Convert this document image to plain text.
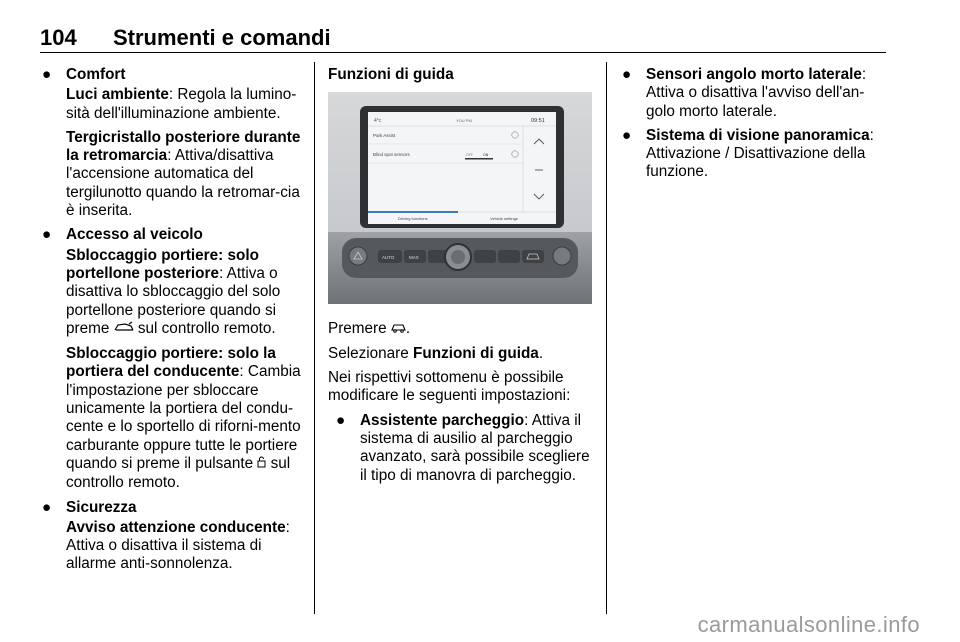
104 Strumenti e comandi
● Comfort
Luci ambiente: Regola la lumino-sità dell'illuminazione ambiente.
Tergicristallo posteriore durante la retromarcia: Attiva/disattiva l'accensione automatica del tergilunotto quando la retromar-cia è inserita.
● Accesso al veicolo
Sbloccaggio portiere: solo portellone posteriore: Attiva o disattiva lo sbloccaggio del solo portellone posteriore quando si preme  sul controllo remoto.
Sbloccaggio portiere: solo la portiera del conducente: Cambia l'impostazione per sbloccare unicamente la portiera del condu-cente e lo sportello di riforni-mento carburante oppure tutte le portiere quando si preme il pulsante  sul controllo remoto.
● Sicurezza
Avviso attenzione conducente: Attiva o disattiva il sistema di allarme anti-sonnolenza.
Funzioni di guida
4°c	YOU PM	09:51
Park Assist
Blind spot sensors	OFF	ON
Driving functions	Vehicle settings
AUTO	MAX
Premere .
Selezionare Funzioni di guida.
Nei rispettivi sottomenu è possibile modificare le seguenti impostazioni:
● Assistente parcheggio: Attiva il sistema di ausilio al parcheggio avanzato, sarà possibile scegliere il tipo di manovra di parcheggio.
● Sensori angolo morto laterale: Attiva o disattiva l'avviso dell'an-golo morto laterale.
● Sistema di visione panoramica: Attivazione / Disattivazione della funzione.
carmanualsonline.info
